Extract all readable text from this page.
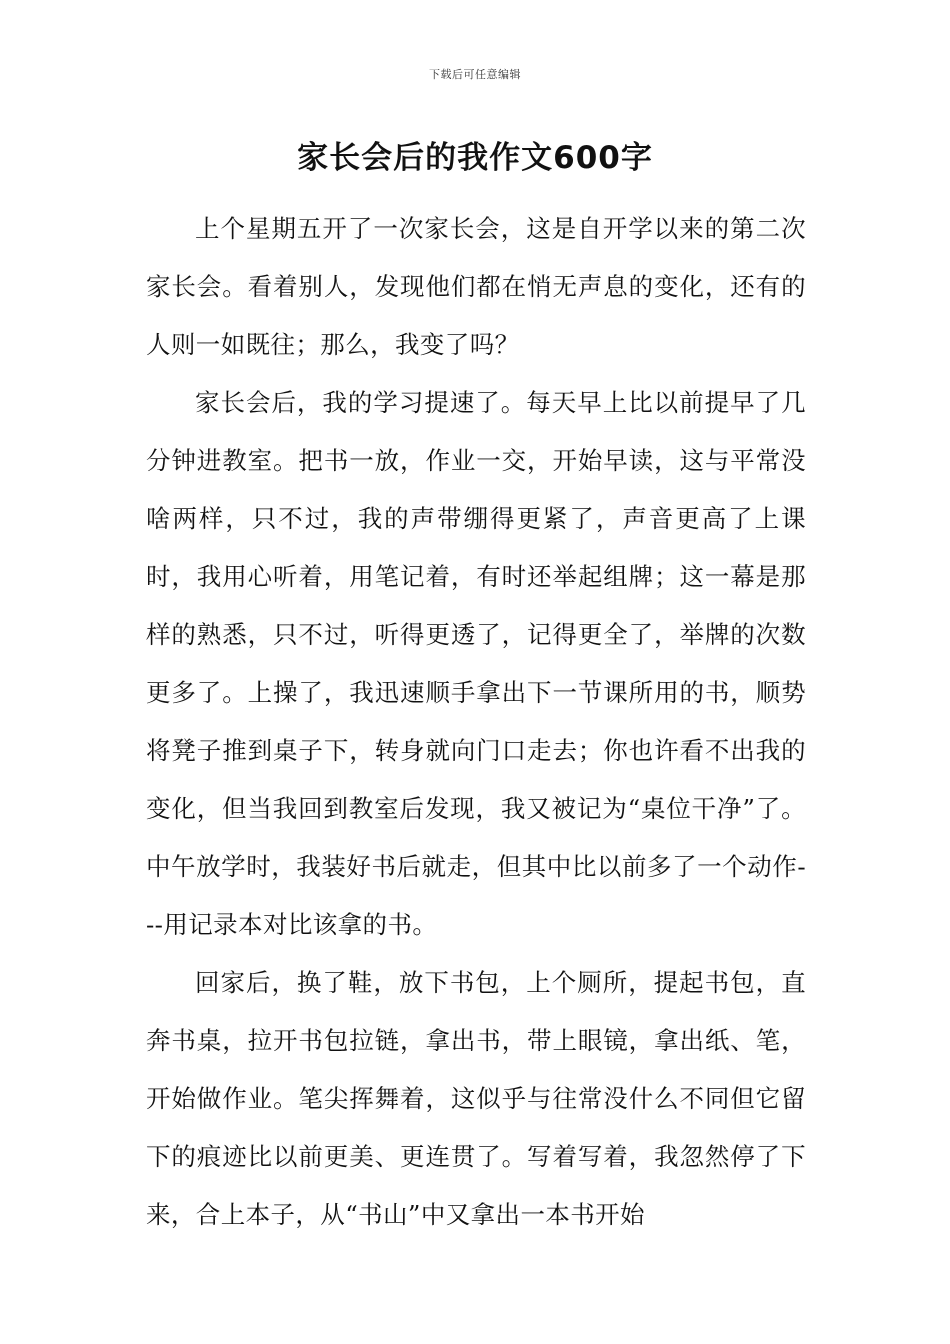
下载后可任意编辑
家长会后的我作文600字

上个星期五开了一次家长会，这是自开学以来的第二次家长会。看着别人，发现他们都在悄无声息的变化，还有的人则一如既往；那么，我变了吗？

家长会后，我的学习提速了。每天早上比以前提早了几分钟进教室。把书一放，作业一交，开始早读，这与平常没啥两样，只不过，我的声带绷得更紧了，声音更高了上课时，我用心听着，用笔记着，有时还举起组牌；这一幕是那样的熟悉，只不过，听得更透了，记得更全了，举牌的次数更多了。上操了，我迅速顺手拿出下一节课所用的书，顺势将凳子推到桌子下，转身就向门口走去；你也许看不出我的变化，但当我回到教室后发现，我又被记为“桌位干净”了。中午放学时，我装好书后就走，但其中比以前多了一个动作---用记录本对比该拿的书。

回家后，换了鞋，放下书包，上个厕所，提起书包，直奔书桌，拉开书包拉链，拿出书，带上眼镜，拿出纸、笔，开始做作业。笔尖挥舞着，这似乎与往常没什么不同但它留下的痕迹比以前更美、更连贯了。写着写着，我忽然停了下来，合上本子，从“书山”中又拿出一本书开始
